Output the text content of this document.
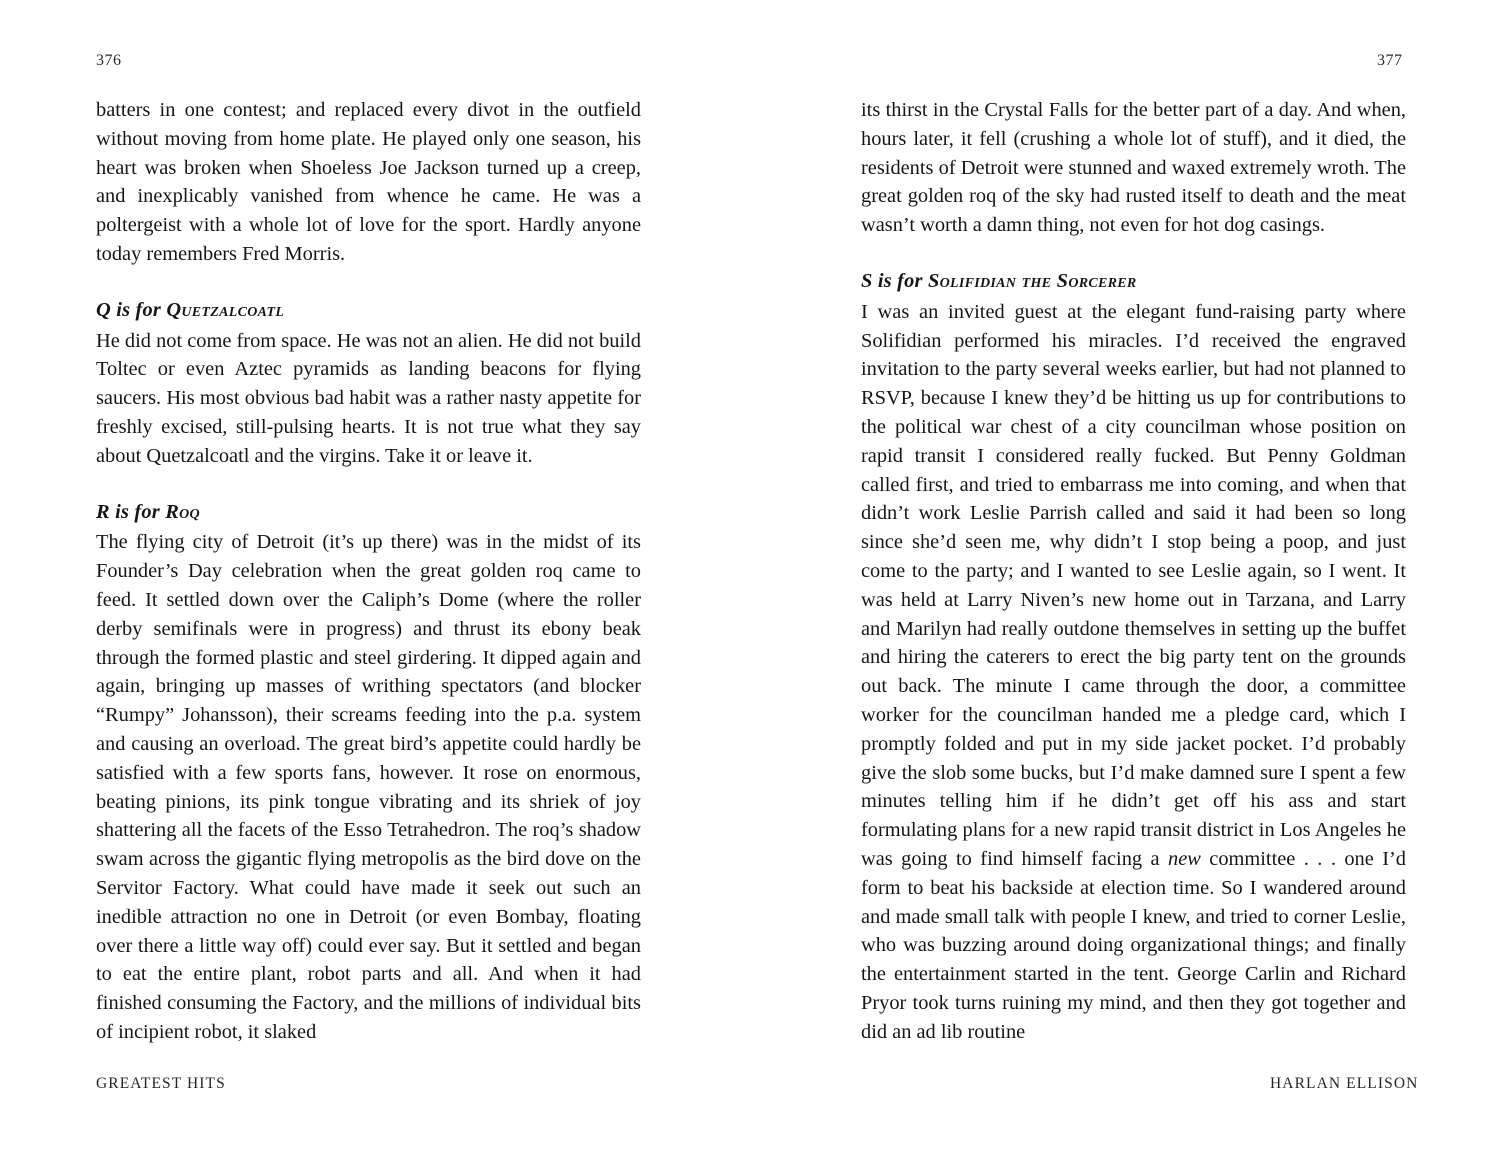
376	377

batters in one contest; and replaced every divot in the outfield without moving from home plate. He played only one season, his heart was broken when Shoeless Joe Jackson turned up a creep, and inexplicably vanished from whence he came. He was a poltergeist with a whole lot of love for the sport. Hardly anyone today remembers Fred Morris.

Q is for Quetzalcoatl

He did not come from space. He was not an alien. He did not build Toltec or even Aztec pyramids as landing beacons for flying saucers. His most obvious bad habit was a rather nasty appetite for freshly excised, still-pulsing hearts. It is not true what they say about Quetzalcoatl and the virgins. Take it or leave it.

R is for Roq

The flying city of Detroit (it’s up there) was in the midst of its Founder’s Day celebration when the great golden roq came to feed. It settled down over the Caliph’s Dome (where the roller derby semifinals were in progress) and thrust its ebony beak through the formed plastic and steel girdering. It dipped again and again, bringing up masses of writhing spectators (and blocker “Rumpy” Johansson), their screams feeding into the p.a. system and causing an overload. The great bird’s appetite could hardly be satisfied with a few sports fans, however. It rose on enormous, beating pinions, its pink tongue vibrating and its shriek of joy shattering all the facets of the Esso Tetrahedron. The roq’s shadow swam across the gigantic flying metropolis as the bird dove on the Servitor Factory. What could have made it seek out such an inedible attraction no one in Detroit (or even Bombay, floating over there a little way off) could ever say. But it settled and began to eat the entire plant, robot parts and all. And when it had finished consuming the Factory, and the millions of individual bits of incipient robot, it slaked

its thirst in the Crystal Falls for the better part of a day. And when, hours later, it fell (crushing a whole lot of stuff), and it died, the residents of Detroit were stunned and waxed extremely wroth. The great golden roq of the sky had rusted itself to death and the meat wasn’t worth a damn thing, not even for hot dog casings.

S is for Solifidian the Sorcerer

I was an invited guest at the elegant fund-raising party where Solifidian performed his miracles. I’d received the engraved invitation to the party several weeks earlier, but had not planned to RSVP, because I knew they’d be hitting us up for contributions to the political war chest of a city councilman whose position on rapid transit I considered really fucked. But Penny Goldman called first, and tried to embarrass me into coming, and when that didn’t work Leslie Parrish called and said it had been so long since she’d seen me, why didn’t I stop being a poop, and just come to the party; and I wanted to see Leslie again, so I went. It was held at Larry Niven’s new home out in Tarzana, and Larry and Marilyn had really outdone themselves in setting up the buffet and hiring the caterers to erect the big party tent on the grounds out back. The minute I came through the door, a committee worker for the councilman handed me a pledge card, which I promptly folded and put in my side jacket pocket. I’d probably give the slob some bucks, but I’d make damned sure I spent a few minutes telling him if he didn’t get off his ass and start formulating plans for a new rapid transit district in Los Angeles he was going to find himself facing a new committee . . . one I’d form to beat his backside at election time. So I wandered around and made small talk with people I knew, and tried to corner Leslie, who was buzzing around doing organizational things; and finally the entertainment started in the tent. George Carlin and Richard Pryor took turns ruining my mind, and then they got together and did an ad lib routine

GREATEST HITS	HARLAN ELLISON
